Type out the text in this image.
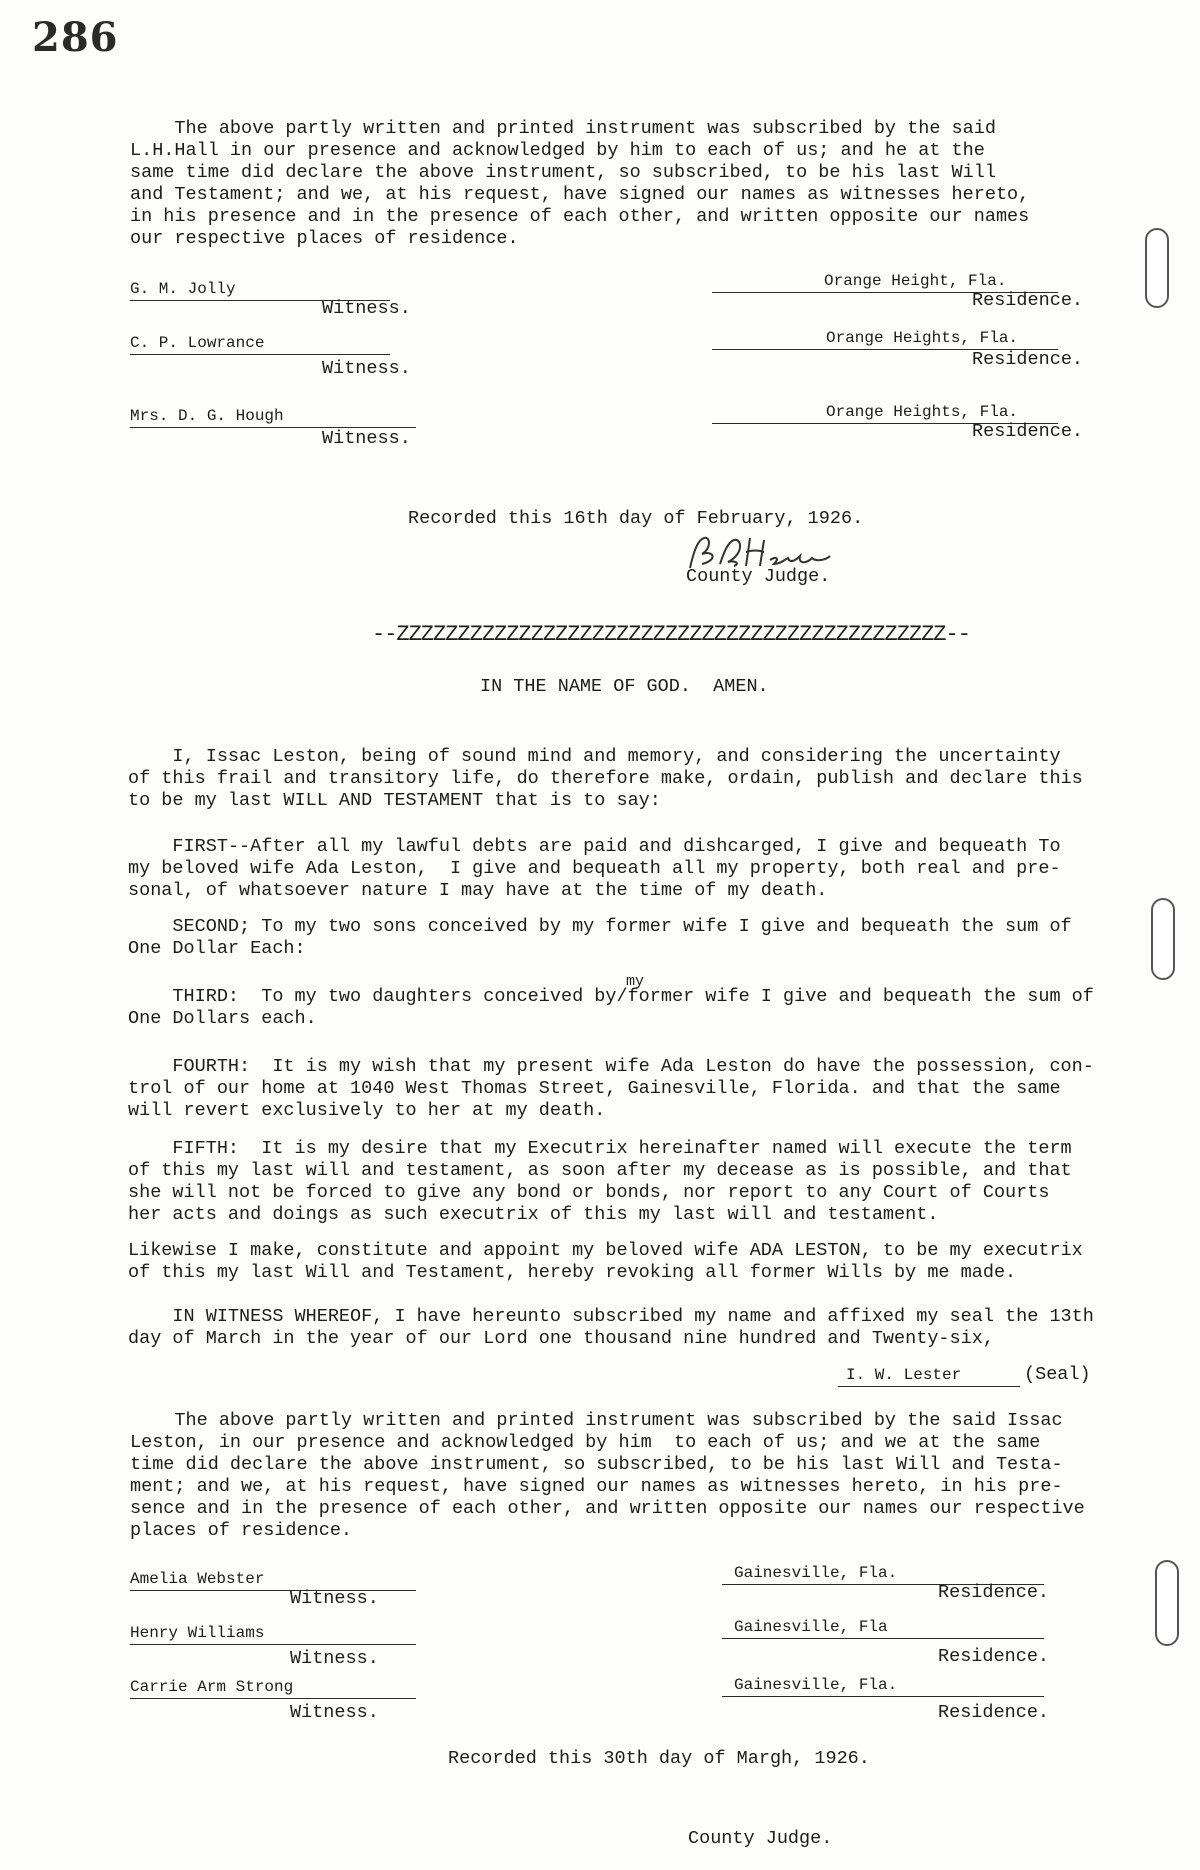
286
The above partly written and printed instrument was subscribed by the said
L.H.Hall in our presence and acknowledged by him to each of us; and he at the
same time did declare the above instrument, so subscribed, to be his last Will
and Testament; and we, at his request, have signed our names as witnesses hereto,
in his presence and in the presence of each other, and written opposite our names
our respective places of residence.
G. M. Jolly
Witness.
Orange Height, Fla.
Residence.
C. P. Lowrance
Witness.
Orange Heights, Fla.
Residence.
Mrs. D. G. Hough
Witness.
Orange Heights, Fla.
Residence.
Recorded this 16th day of February, 1926.
B.D. Hers County Judge.
--ZZZZZZZZZZZZZZZZZZZZZZZZZZZZZZZZZZZZZZZZZZZZZ--
IN THE NAME OF GOD.  AMEN.
I, Issac Leston, being of sound mind and memory, and considering the uncertainty
of this frail and transitory life, do therefore make, ordain, publish and declare this
to be my last WILL AND TESTAMENT that is to say:
FIRST--After all my lawful debts are paid and dishcarged, I give and bequeath To
my beloved wife Ada Leston,  I give and bequeath all my property, both real and pre-
sonal, of whatsoever nature I may have at the time of my death.
SECOND; To my two sons conceived by my former wife I give and bequeath the sum of
One Dollar Each:
my
THIRD:  To my two daughters conceived by/former wife I give and bequeath the sum of
One Dollars each.
FOURTH:  It is my wish that my present wife Ada Leston do have the possession, con-
trol of our home at 1040 West Thomas Street, Gainesville, Florida. and that the same
will revert exclusively to her at my death.
FIFTH:  It is my desire that my Executrix hereinafter named will execute the term
of this my last will and testament, as soon after my decease as is possible, and that
she will not be forced to give any bond or bonds, nor report to any Court of Courts
her acts and doings as such executrix of this my last will and testament.
Likewise I make, constitute and appoint my beloved wife ADA LESTON, to be my executrix
of this my last Will and Testament, hereby revoking all former Wills by me made.
IN WITNESS WHEREOF, I have hereunto subscribed my name and affixed my seal the 13th
day of March in the year of our Lord one thousand nine hundred and Twenty-six,
I. W. Lester	(Seal)
The above partly written and printed instrument was subscribed by the said Issac
Leston, in our presence and acknowledged by him  to each of us; and we at the same
time did declare the above instrument, so subscribed, to be his last Will and Testa-
ment; and we, at his request, have signed our names as witnesses hereto, in his pre-
sence and in the presence of each other, and written opposite our names our respective
places of residence.
Amelia Webster
Witness.
Gainesville, Fla.
Residence.
Henry Williams
Witness.
Gainesville, Fla
Residence.
Carrie Arm Strong
Witness.
Gainesville, Fla.
Residence.
Recorded this 30th day of Margh, 1926.
County Judge.
